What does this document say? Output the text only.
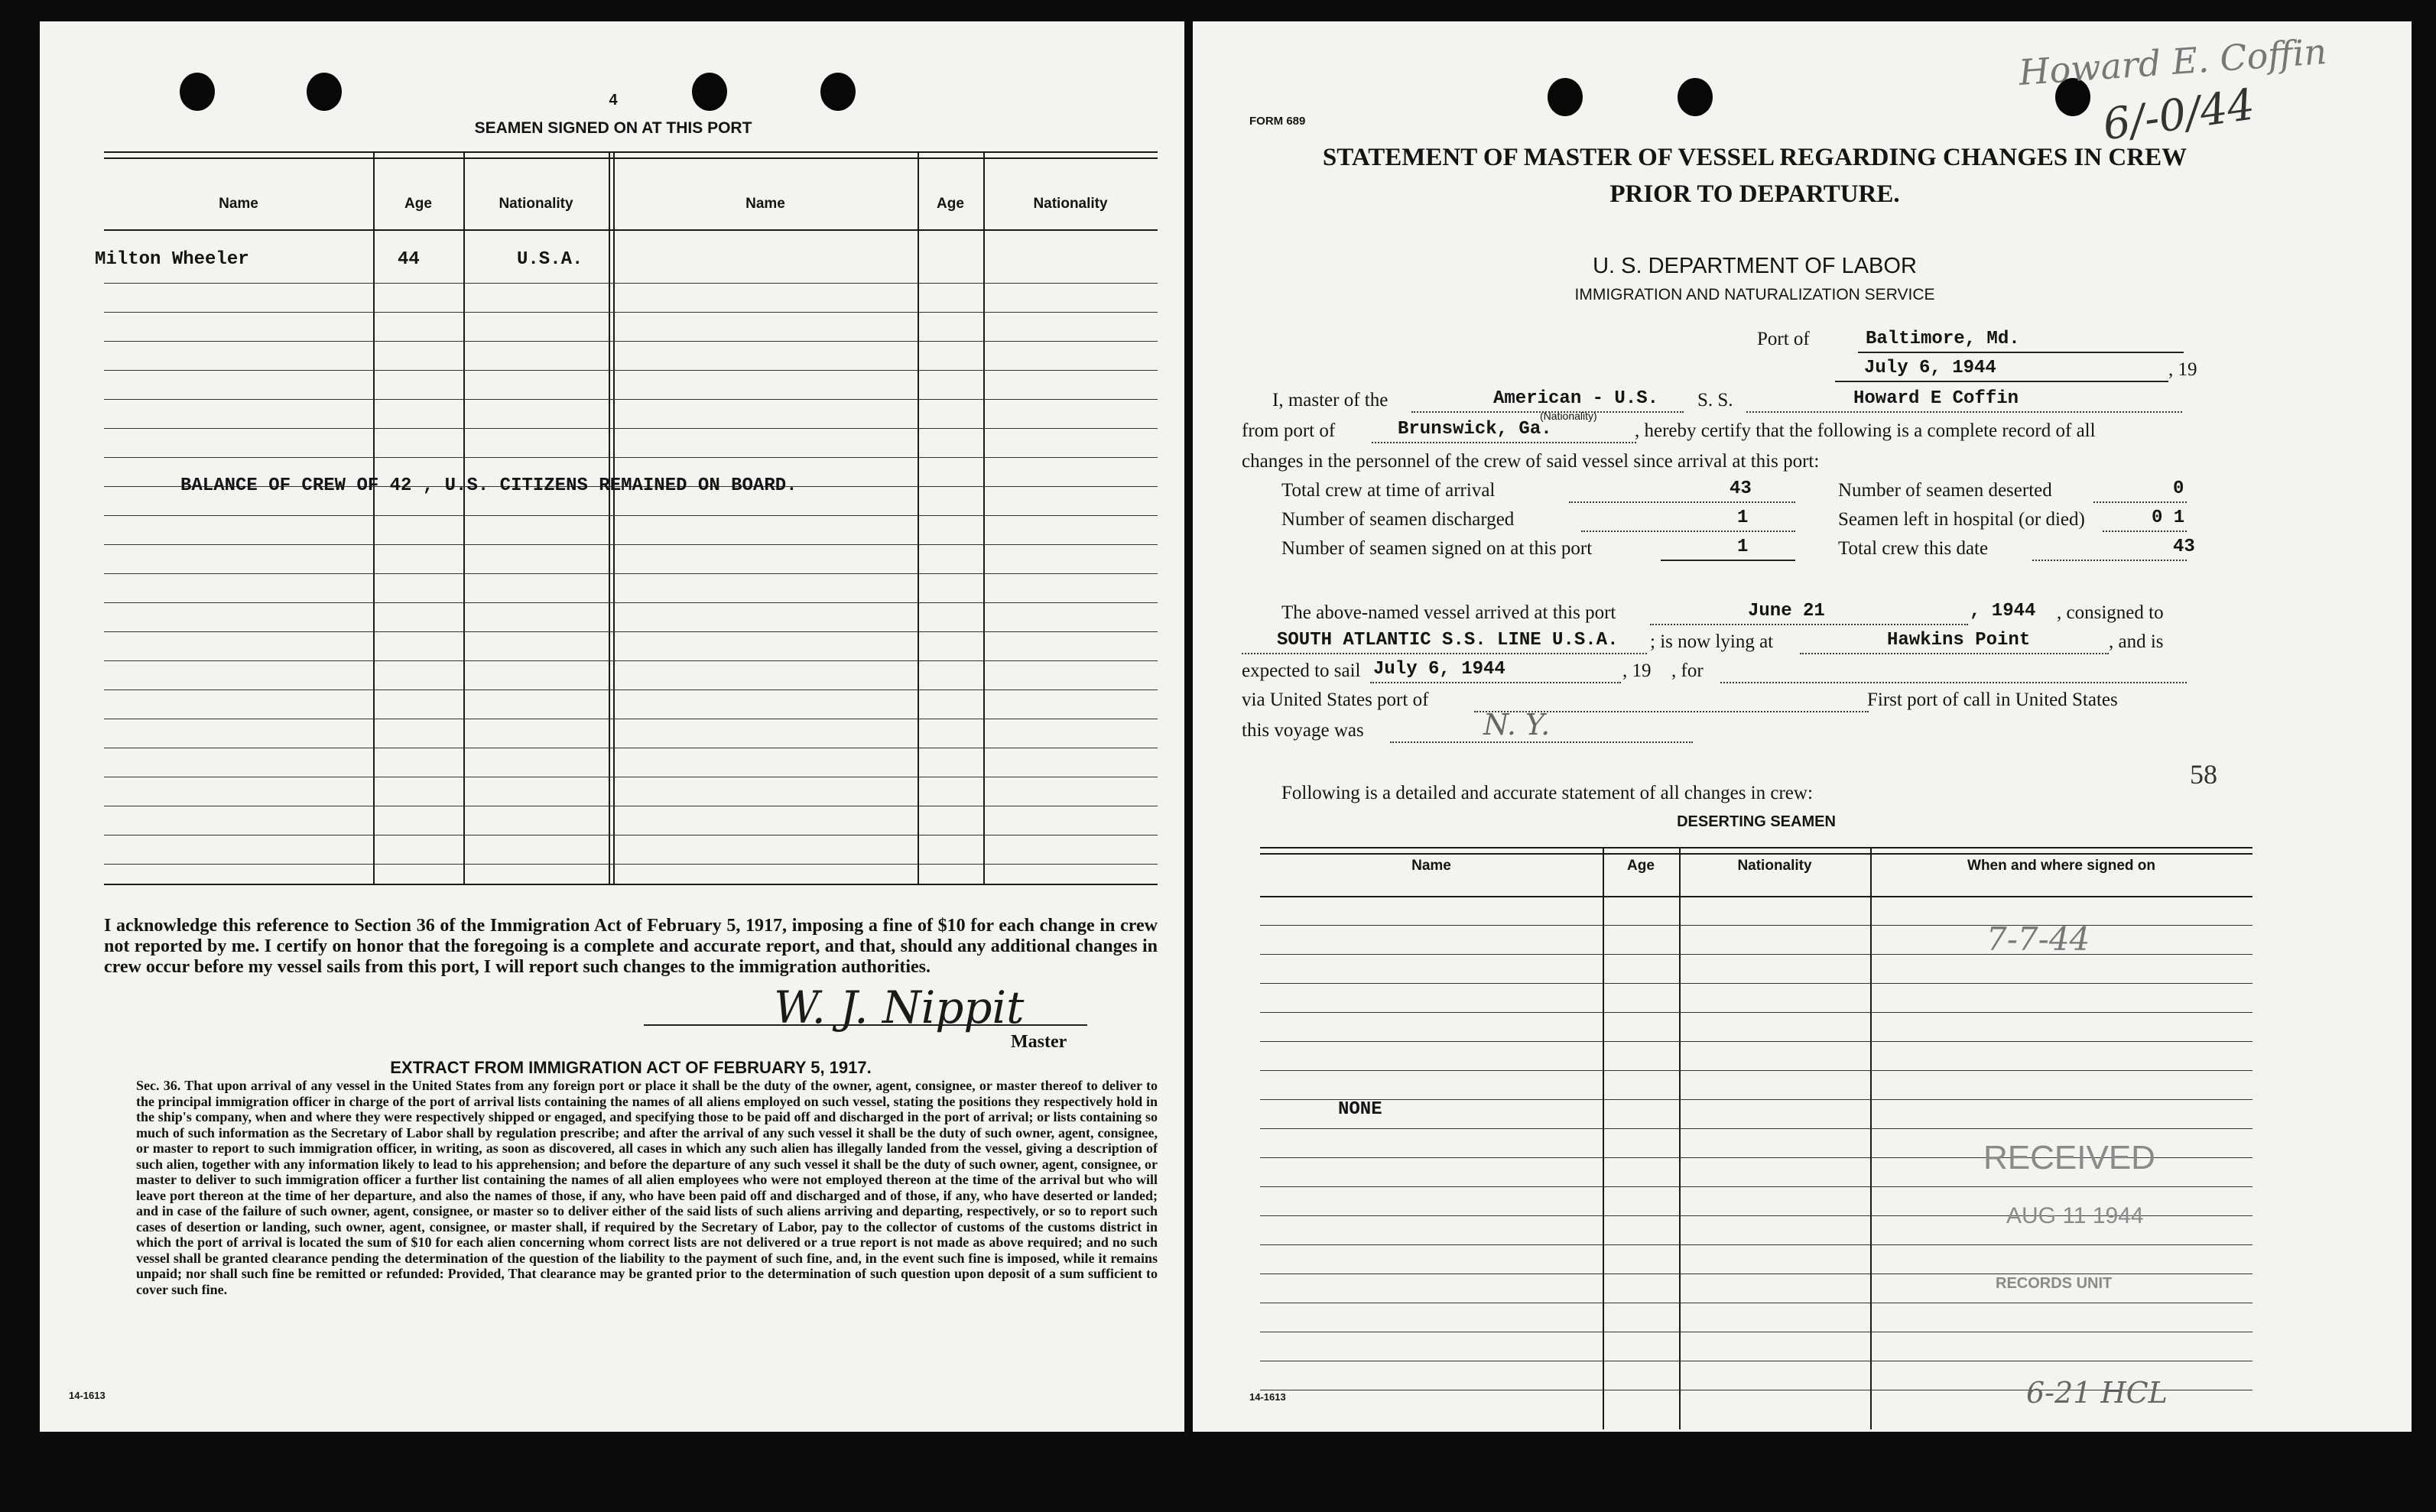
4
SEAMEN SIGNED ON AT THIS PORT
Name	Age	Nationality	Name	Age	Nationality
Milton Wheeler	44	U.S.A.
BALANCE OF CREW OF 42 , U.S. CITIZENS REMAINED ON BOARD.
I acknowledge this reference to Section 36 of the Immigration Act of February 5, 1917, imposing a fine of $10 for each change in crew not reported by me. I certify on honor that the foregoing is a complete and accurate report, and that, should any additional changes in crew occur before my vessel sails from this port, I will report such changes to the immigration authorities.
W. J. Nippit
Master
EXTRACT FROM IMMIGRATION ACT OF FEBRUARY 5, 1917.
Sec. 36. That upon arrival of any vessel in the United States from any foreign port or place it shall be the duty of the owner, agent, consignee, or master thereof to deliver to the principal immigration officer in charge of the port of arrival lists containing the names of all aliens employed on such vessel, stating the positions they respectively hold in the ship's company, when and where they were respectively shipped or engaged, and specifying those to be paid off and discharged in the port of arrival; or lists containing so much of such information as the Secretary of Labor shall by regulation prescribe; and after the arrival of any such vessel it shall be the duty of such owner, agent, consignee, or master to report to such immigration officer, in writing, as soon as discovered, all cases in which any such alien has illegally landed from the vessel, giving a description of such alien, together with any information likely to lead to his apprehension; and before the departure of any such vessel it shall be the duty of such owner, agent, consignee, or master to deliver to such immigration officer a further list containing the names of all alien employees who were not employed thereon at the time of the arrival but who will leave port thereon at the time of her departure, and also the names of those, if any, who have been paid off and discharged and of those, if any, who have deserted or landed; and in case of the failure of such owner, agent, consignee, or master so to deliver either of the said lists of such aliens arriving and departing, respectively, or so to report such cases of desertion or landing, such owner, agent, consignee, or master shall, if required by the Secretary of Labor, pay to the collector of customs of the customs district in which the port of arrival is located the sum of $10 for each alien concerning whom correct lists are not delivered or a true report is not made as above required; and no such vessel shall be granted clearance pending the determination of the question of the liability to the payment of such fine, and, in the event such fine is imposed, while it remains unpaid; nor shall such fine be remitted or refunded: Provided, That clearance may be granted prior to the determination of such question upon deposit of a sum sufficient to cover such fine.
14-1613
Howard E. Coffin
6/-0/44
FORM 689
STATEMENT OF MASTER OF VESSEL REGARDING CHANGES IN CREW
PRIOR TO DEPARTURE.
U. S. DEPARTMENT OF LABOR
IMMIGRATION AND NATURALIZATION SERVICE
Port of	Baltimore, Md.
July 6, 1944	, 19
I, master of the	American - U.S.
(Nationality)
S. S.	Howard E Coffin
from port of	Brunswick, Ga.	, hereby certify that the following is a complete record of all
changes in the personnel of the crew of said vessel since arrival at this port:
Total crew at time of arrival	43
Number of seamen discharged	1
Number of seamen signed on at this port	1
Number of seamen deserted	0
Seamen left in hospital (or died)	0 1
Total crew this date	43
The above-named vessel arrived at this port	June 21	, 1944 , consigned to
SOUTH ATLANTIC S.S. LINE U.S.A. ; is now lying at	Hawkins Point	, and is
expected to sail July 6, 1944	, 19 , for
via United States port of	First port of call in United States
this voyage was	N. Y.
58
Following is a detailed and accurate statement of all changes in crew:
DESERTING SEAMEN
Name	Age	Nationality	When and where signed on
NONE
7-7-44
RECEIVED
AUG 11 1944
RECORDS UNIT
14-1613	6-21 HCL
